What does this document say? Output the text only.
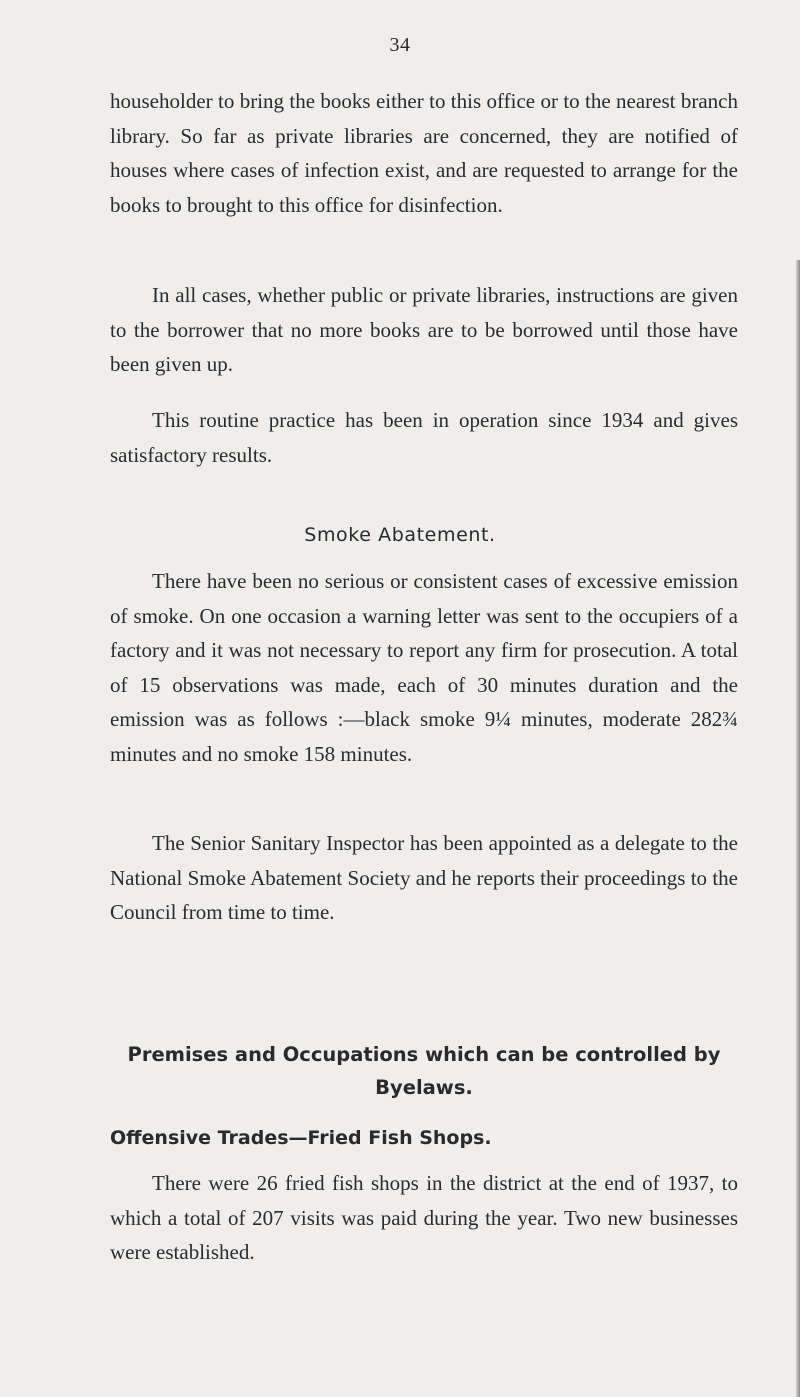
34

householder to bring the books either to this office or to the nearest branch library. So far as private libraries are concerned, they are notified of houses where cases of infection exist, and are requested to arrange for the books to brought to this office for disinfection.

In all cases, whether public or private libraries, instructions are given to the borrower that no more books are to be borrowed until those have been given up.

This routine practice has been in operation since 1934 and gives satisfactory results.

Smoke Abatement.

There have been no serious or consistent cases of excessive emission of smoke. On one occasion a warning letter was sent to the occupiers of a factory and it was not necessary to report any firm for prosecution. A total of 15 observations was made, each of 30 minutes duration and the emission was as follows :—black smoke 9¼ minutes, moderate 282¾ minutes and no smoke 158 minutes.

The Senior Sanitary Inspector has been appointed as a delegate to the National Smoke Abatement Society and he reports their proceedings to the Council from time to time.

Premises and Occupations which can be controlled by Byelaws.
Offensive Trades—Fried Fish Shops.

There were 26 fried fish shops in the district at the end of 1937, to which a total of 207 visits was paid during the year. Two new businesses were established.
